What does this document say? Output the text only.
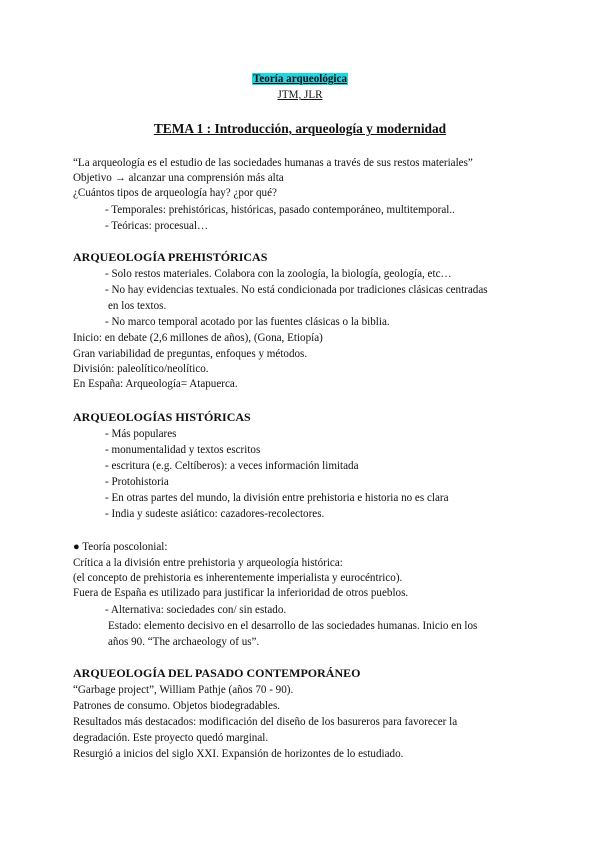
Teoría arqueológica
JTM, JLR
TEMA 1 : Introducción, arqueología y modernidad
“La arqueología es el estudio de las sociedades humanas a través de sus restos materiales”
Objetivo → alcanzar una comprensión más alta
¿Cuántos tipos de arqueología hay? ¿por qué?
- Temporales: prehistóricas, históricas, pasado contemporáneo, multitemporal..
- Teóricas: procesual…
ARQUEOLOGÍA PREHISTÓRICAS
- Solo restos materiales. Colabora con la zoología, la biología, geología, etc…
- No hay evidencias textuales. No está condicionada por tradiciones clásicas centradas
en los textos.
- No marco temporal acotado por las fuentes clásicas o la biblia.
Inicio: en debate (2,6 millones de años), (Gona, Etiopía)
Gran variabilidad de preguntas, enfoques y métodos.
División: paleolítico/neolítico.
En España: Arqueología= Atapuerca.
ARQUEOLOGÍAS HISTÓRICAS
- Más populares
- monumentalidad y textos escritos
- escritura (e.g. Celtíberos): a veces información limitada
- Protohistoria
- En otras partes del mundo, la división entre prehistoria e historia no es clara
- India y sudeste asiático: cazadores-recolectores.
● Teoría poscolonial:
Crítica a la división entre prehistoria y arqueología histórica:
(el concepto de prehistoria es inherentemente imperialista y eurocéntrico).
Fuera de España es utilizado para justificar la inferioridad de otros pueblos.
- Alternativa: sociedades con/ sin estado.
Estado: elemento decisivo en el desarrollo de las sociedades humanas. Inicio en los
años 90. “The archaeology of us”.
ARQUEOLOGÍA DEL PASADO CONTEMPORÁNEO
“Garbage project”, William Pathje (años 70 - 90).
Patrones de consumo. Objetos biodegradables.
Resultados más destacados: modificación del diseño de los basureros para favorecer la
degradación. Este proyecto quedó marginal.
Resurgió a inicios del siglo XXI. Expansión de horizontes de lo estudiado.
